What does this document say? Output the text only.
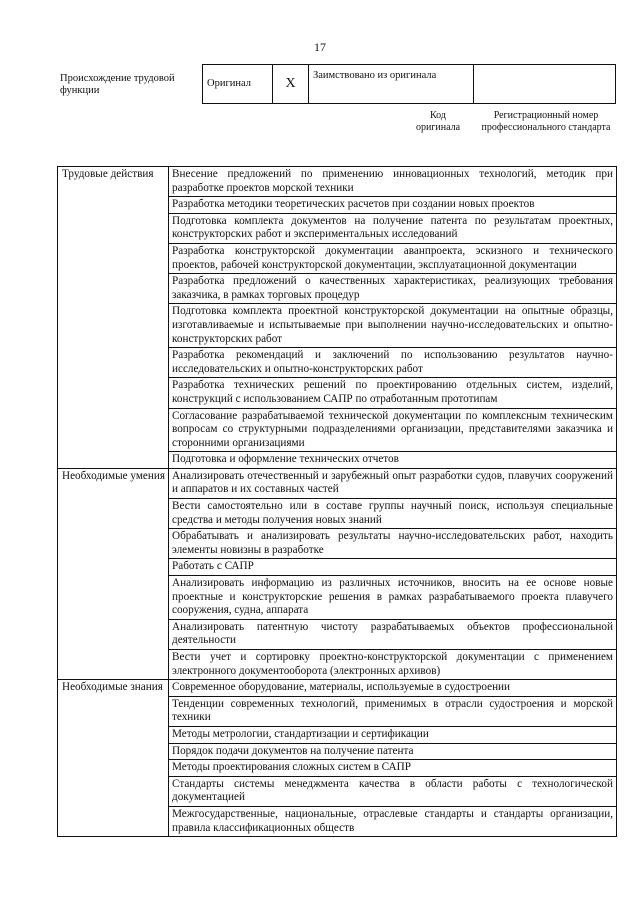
17
Происхождение трудовой функции
Оригинал	X	Заимствовано из оригинала	
Код оригинала
Регистрационный номер профессионального стандарта
Трудовые действия	Внесение предложений по применению инновационных технологий, методик при разработке проектов морской техники
	Разработка методики теоретических расчетов при создании новых проектов
	Подготовка комплекта документов на получение патента по результатам проектных, конструкторских работ и экспериментальных исследований
	Разработка конструкторской документации аванпроекта, эскизного и технического проектов, рабочей конструкторской документации, эксплуатационной документации
	Разработка предложений о качественных характеристиках, реализующих требования заказчика, в рамках торговых процедур
	Подготовка комплекта проектной конструкторской документации на опытные образцы, изготавливаемые и испытываемые при выполнении научно-исследовательских и опытно-конструкторских работ
	Разработка рекомендаций и заключений по использованию результатов научно-исследовательских и опытно-конструкторских работ
	Разработка технических решений по проектированию отдельных систем, изделий, конструкций с использованием САПР по отработанным прототипам
	Согласование разрабатываемой технической документации по комплексным техническим вопросам со структурными подразделениями организации, представителями заказчика и сторонними организациями
	Подготовка и оформление технических отчетов
Необходимые умения	Анализировать отечественный и зарубежный опыт разработки судов, плавучих сооружений и аппаратов и их составных частей
	Вести самостоятельно или в составе группы научный поиск, используя специальные средства и методы получения новых знаний
	Обрабатывать и анализировать результаты научно-исследовательских работ, находить элементы новизны в разработке
	Работать с САПР
	Анализировать информацию из различных источников, вносить на ее основе новые проектные и конструкторские решения в рамках разрабатываемого проекта плавучего сооружения, судна, аппарата
	Анализировать патентную чистоту разрабатываемых объектов профессиональной деятельности
	Вести учет и сортировку проектно-конструкторской документации с применением электронного документооборота (электронных архивов)
Необходимые знания	Современное оборудование, материалы, используемые в судостроении
	Тенденции современных технологий, применимых в отрасли судостроения и морской техники
	Методы метрологии, стандартизации и сертификации
	Порядок подачи документов на получение патента
	Методы проектирования сложных систем в САПР
	Стандарты системы менеджмента качества в области работы с технологической документацией
	Межгосударственные, национальные, отраслевые стандарты и стандарты организации, правила классификационных обществ
